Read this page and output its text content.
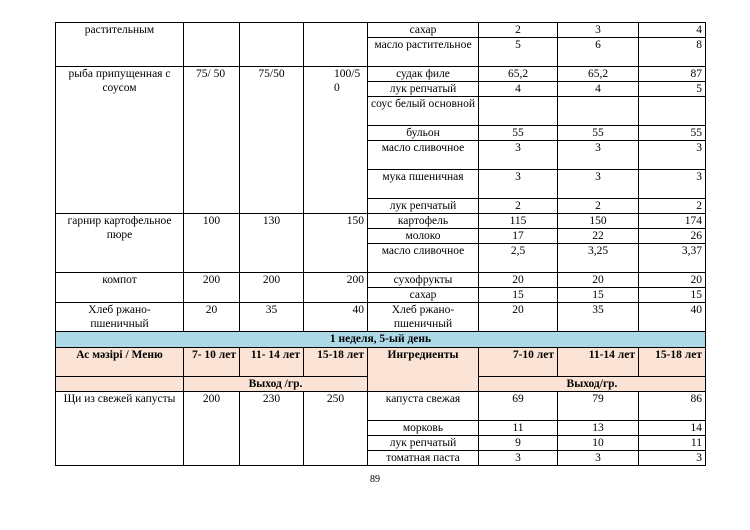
растительным				сахар	2	3	4
				масло растительное	5	6	8
рыба припущенная с соусом	75/ 50	75/50	100/5 0	судак филе	65,2	65,2	87
				лук репчатый	4	4	5
				соус белый основной			
				бульон	55	55	55
				масло сливочное	3	3	3
				мука пшеничная	3	3	3
				лук репчатый	2	2	2
гарнир картофельное пюре	100	130	150	картофель	115	150	174
				молоко	17	22	26
				масло сливочное	2,5	3,25	3,37
компот	200	200	200	сухофрукты	20	20	20
				сахар	15	15	15
Хлеб ржано- пшеничный	20	35	40	Хлеб ржано- пшеничный	20	35	40
1 неделя, 5-ый день							
Ас мәзірі / Меню	7- 10 лет	11- 14 лет	15-18 лет	Ингредиенты	7-10 лет	11-14 лет	15-18 лет
	Выход /гр.				Выход/гр.		
Щи из свежей капусты	200	230	250	капуста свежая	69	79	86
				морковь	11	13	14
				лук репчатый	9	10	11
				томатная паста	3	3	3
89
